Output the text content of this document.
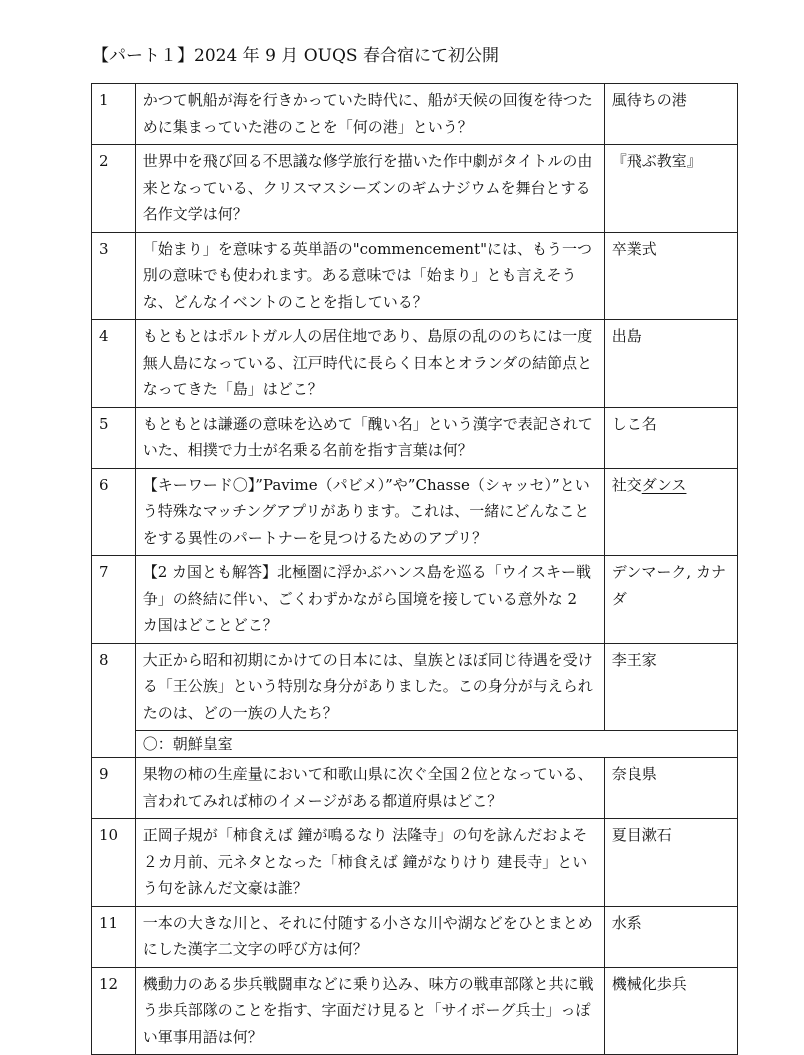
【パート１】2024 年 9 月 OUQS 春合宿にて初公開
1	かつて帆船が海を行きかっていた時代に、船が天候の回復を待つために集まっていた港のことを「何の港」という？	風待ちの港
2	世界中を飛び回る不思議な修学旅行を描いた作中劇がタイトルの由来となっている、クリスマスシーズンのギムナジウムを舞台とする名作文学は何？	『飛ぶ教室』
3	「始まり」を意味する英単語の"commencement"には、もう一つ別の意味でも使われます。ある意味では「始まり」とも言えそうな、どんなイベントのことを指している？	卒業式
4	もともとはポルトガル人の居住地であり、島原の乱ののちには一度無人島になっている、江戸時代に長らく日本とオランダの結節点となってきた「島」はどこ？	出島
5	もともとは謙遜の意味を込めて「醜い名」という漢字で表記されていた、相撲で力士が名乗る名前を指す言葉は何？	しこ名
6	【キーワード〇】”Pavime（パビメ）”や”Chasse（シャッセ）”という特殊なマッチングアプリがあります。これは、一緒にどんなことをする異性のパートナーを見つけるためのアプリ？	社交ダンス
7	【2 カ国とも解答】北極圏に浮かぶハンス島を巡る「ウイスキー戦争」の終結に伴い、ごくわずかながら国境を接している意外な 2 カ国はどことどこ？	デンマーク, カナダ
8	大正から昭和初期にかけての日本には、皇族とほぼ同じ待遇を受ける「王公族」という特別な身分がありました。この身分が与えられたのは、どの一族の人たち？	李王家
	〇：朝鮮皇室	
9	果物の柿の生産量において和歌山県に次ぐ全国２位となっている、言われてみれば柿のイメージがある都道府県はどこ？	奈良県
10	正岡子規が「柿食えば 鐘が鳴るなり 法隆寺」の句を詠んだおよそ２カ月前、元ネタとなった「柿食えば 鐘がなりけり 建長寺」という句を詠んだ文豪は誰？	夏目漱石
11	一本の大きな川と、それに付随する小さな川や湖などをひとまとめにした漢字二文字の呼び方は何？	水系
12	機動力のある歩兵戦闘車などに乗り込み、味方の戦車部隊と共に戦う歩兵部隊のことを指す、字面だけ見ると「サイボーグ兵士」っぽい軍事用語は何？	機械化歩兵
